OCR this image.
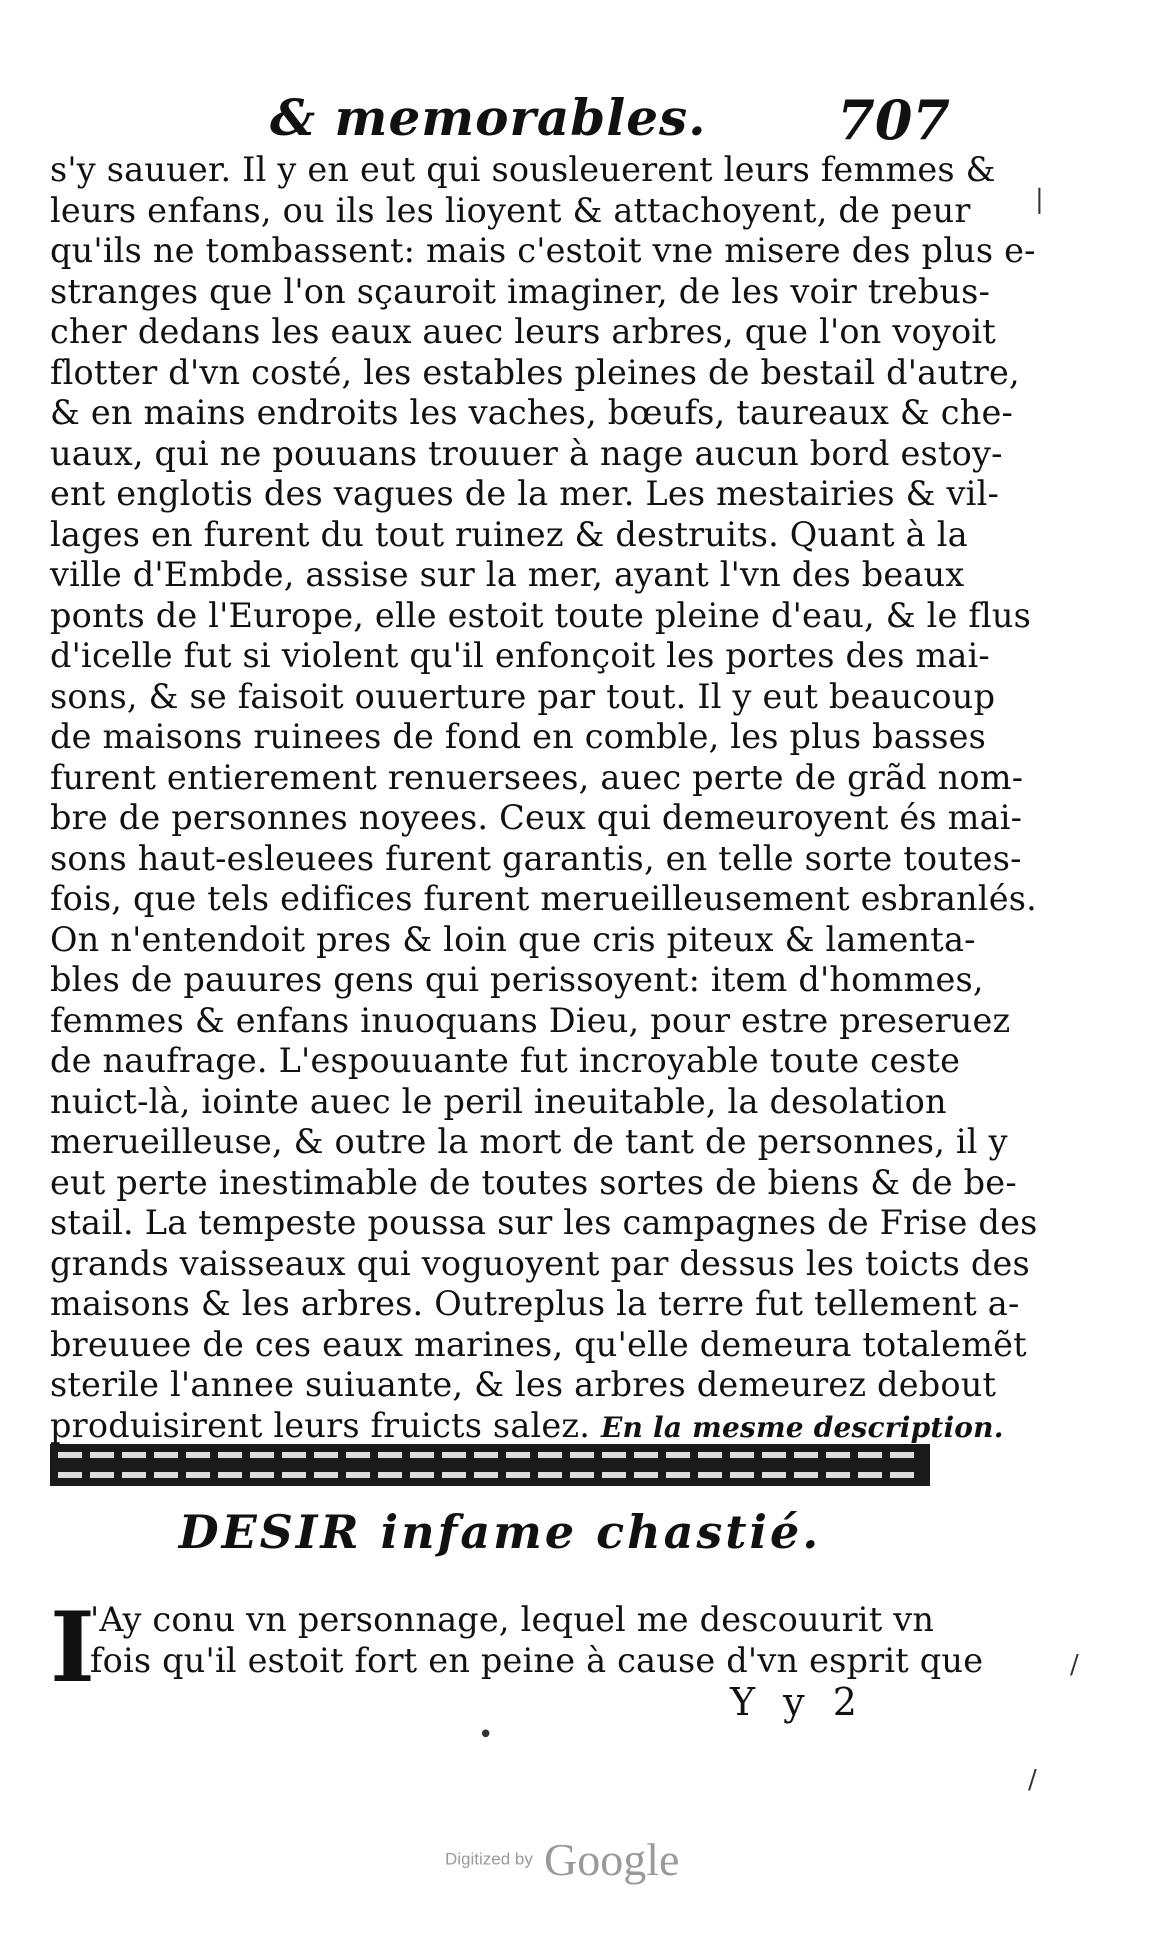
& memorables. 707
s'y sauuer. Il y en eut qui sousleuerent leurs femmes &
leurs enfans, ou ils les lioyent & attachoyent, de peur
qu'ils ne tombassent: mais c'estoit vne misere des plus e-
stranges que l'on sçauroit imaginer, de les voir trebus-
cher dedans les eaux auec leurs arbres, que l'on voyoit
flotter d'vn costé, les estables pleines de bestail d'autre,
& en mains endroits les vaches, bœufs, taureaux & che-
uaux, qui ne pouuans trouuer à nage aucun bord estoy-
ent englotis des vagues de la mer. Les mestairies & vil-
lages en furent du tout ruinez & destruits. Quant à la
ville d'Embde, assise sur la mer, ayant l'vn des beaux
ponts de l'Europe, elle estoit toute pleine d'eau, & le flus
d'icelle fut si violent qu'il enfonçoit les portes des mai-
sons, & se faisoit ouuerture par tout. Il y eut beaucoup
de maisons ruinees de fond en comble, les plus basses
furent entierement renuersees, auec perte de grãd nom-
bre de personnes noyees. Ceux qui demeuroyent és mai-
sons haut-esleuees furent garantis, en telle sorte toutes-
fois, que tels edifices furent merueilleusement esbranlés.
On n'entendoit pres & loin que cris piteux & lamenta-
bles de pauures gens qui perissoyent: item d'hommes,
femmes & enfans inuoquans Dieu, pour estre preseruez
de naufrage. L'espouuante fut incroyable toute ceste
nuict-là, iointe auec le peril ineuitable, la desolation
merueilleuse, & outre la mort de tant de personnes, il y
eut perte inestimable de toutes sortes de biens & de be-
stail. La tempeste poussa sur les campagnes de Frise des
grands vaisseaux qui voguoyent par dessus les toicts des
maisons & les arbres. Outreplus la terre fut tellement a-
breuuee de ces eaux marines, qu'elle demeura totalemẽt
sterile l'annee suiuante, & les arbres demeurez debout
produisirent leurs fruicts salez. En la mesme description.
DESIR infame chastié.
I
'Ay conu vn personnage, lequel me descouurit vn
fois qu'il estoit fort en peine à cause d'vn esprit que
Y y 2
|
/
/
•
Digitized by Google
